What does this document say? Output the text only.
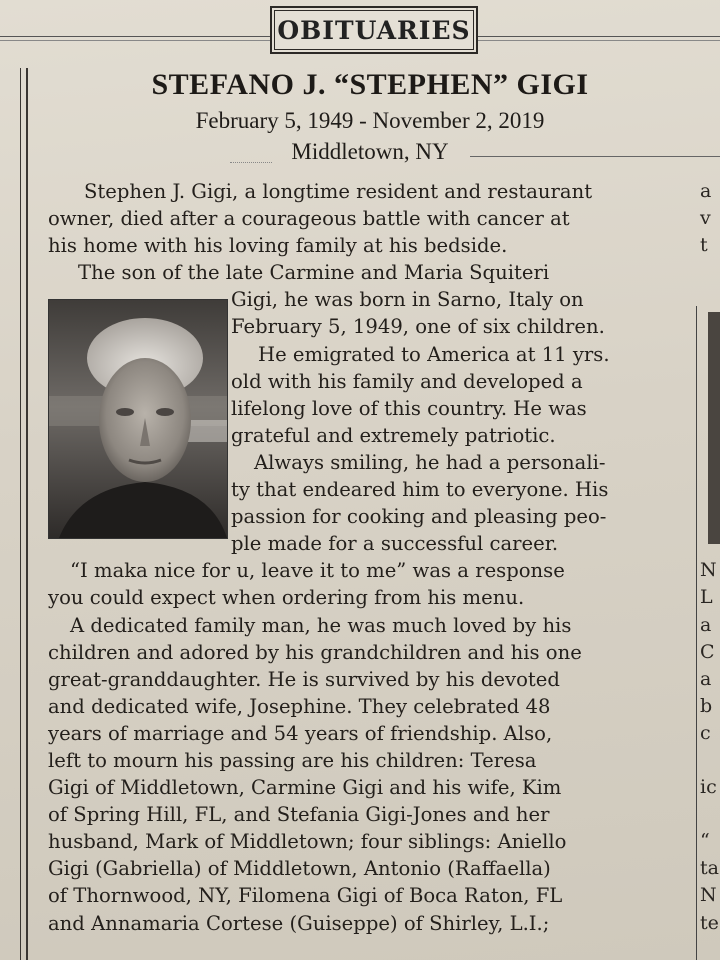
OBITUARIES
STEFANO J. “STEPHEN” GIGI
February 5, 1949 - November 2, 2019
Middletown, NY
Stephen J. Gigi, a longtime resident and restaurant
owner, died after a courageous battle with cancer at
his home with his loving family at his bedside.
The son of the late Carmine and Maria Squiteri
Gigi, he was born in Sarno, Italy on
February 5, 1949, one of six children.
He emigrated to America at 11 yrs.
old with his family and developed a
lifelong love of this country. He was
grateful and extremely patriotic.
Always smiling, he had a personali-
ty that endeared him to everyone. His
passion for cooking and pleasing peo-
ple made for a successful career.
“I maka nice for u, leave it to me” was a response
you could expect when ordering from his menu.
A dedicated family man, he was much loved by his
children and adored by his grandchildren and his one
great-granddaughter. He is survived by his devoted
and dedicated wife, Josephine. They celebrated 48
years of marriage and 54 years of friendship. Also,
left to mourn his passing are his children: Teresa
Gigi of Middletown, Carmine Gigi and his wife, Kim
of Spring Hill, FL, and Stefania Gigi-Jones and her
husband, Mark of Middletown; four siblings: Aniello
Gigi (Gabriella) of Middletown, Antonio (Raffaella)
of Thornwood, NY, Filomena Gigi of Boca Raton, FL
and Annamaria Cortese (Guiseppe) of Shirley, L.I.;
a
v
t
N
L
a
C
a
b
c
ic
“
ta
N
te
